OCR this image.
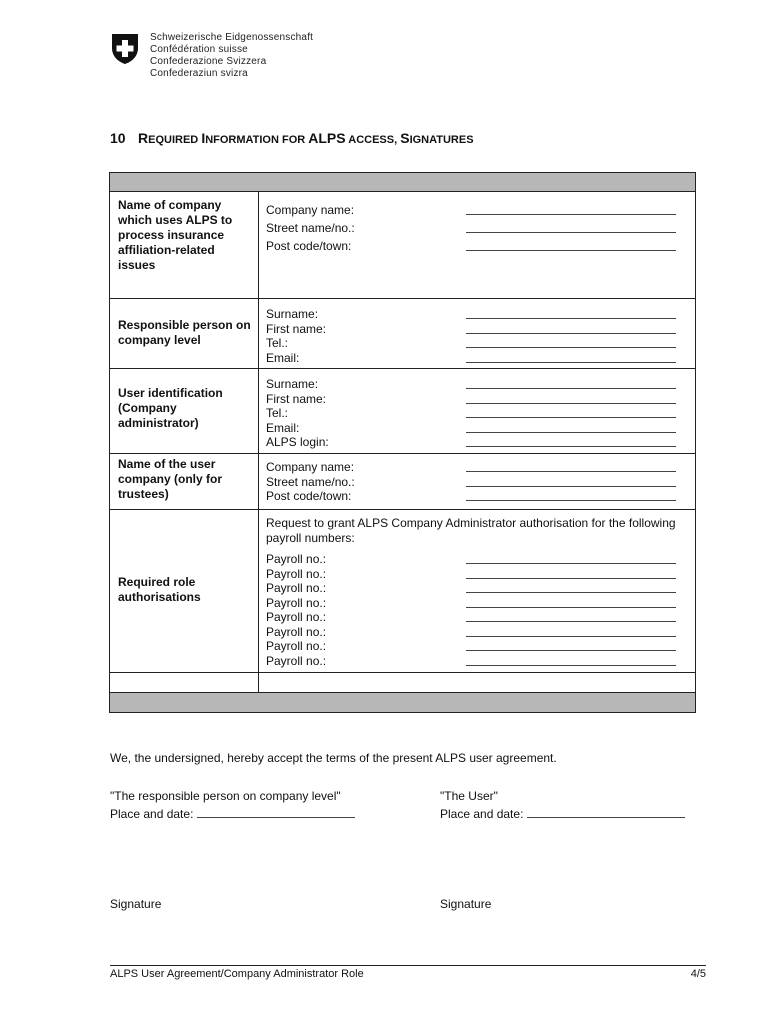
Schweizerische Eidgenossenschaft
Confédération suisse
Confederazione Svizzera
Confederaziun svizra
10 REQUIRED INFORMATION FOR ALPS ACCESS, SIGNATURES
Name of company which uses ALPS to process insurance affiliation-related issues
Company name:
Street name/no.:
Post code/town:
Responsible person on company level
Surname:
First name:
Tel.:
Email:
User identification (Company administrator)
Surname:
First name:
Tel.:
Email:
ALPS login:
Name of the user company (only for trustees)
Company name:
Street name/no.:
Post code/town:
Required role authorisations
Request to grant ALPS Company Administrator authorisation for the following payroll numbers:
Payroll no.:
Payroll no.:
Payroll no.:
Payroll no.:
Payroll no.:
Payroll no.:
Payroll no.:
Payroll no.:
We, the undersigned, hereby accept the terms of the present ALPS user agreement.
"The responsible person on company level"
Place and date:
"The User"
Place and date:
Signature	Signature
ALPS User Agreement/Company Administrator Role	4/5
